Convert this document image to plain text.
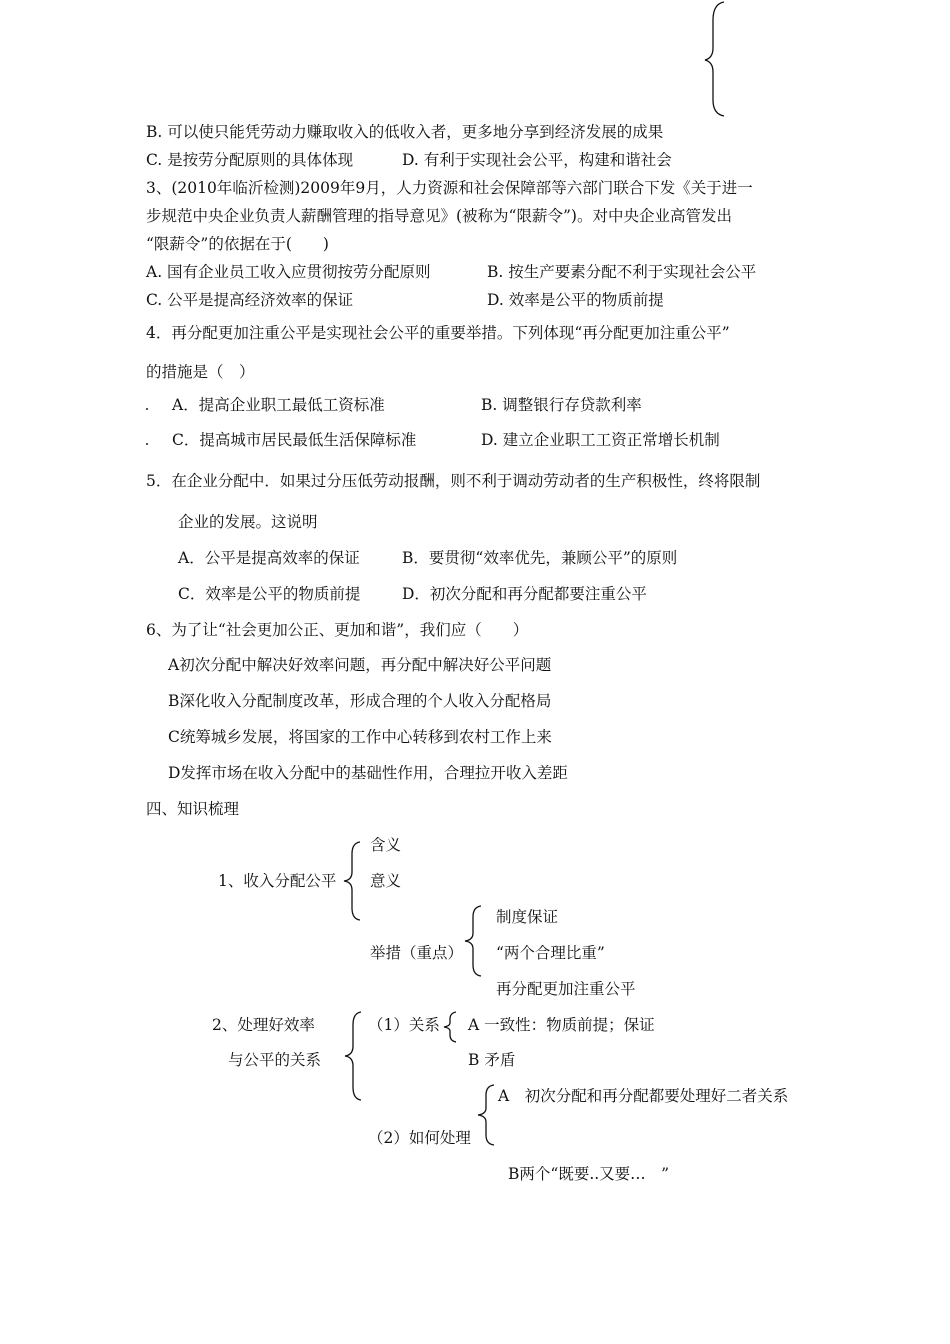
B. 可以使只能凭劳动力赚取收入的低收入者，更多地分享到经济发展的成果
C. 是按劳分配原则的具体体现	D. 有利于实现社会公平，构建和谐社会
3、(2010年临沂检测)2009年9月，人力资源和社会保障部等六部门联合下发《关于进一
步规范中央企业负责人薪酬管理的指导意见》(被称为“限薪令”)。对中央企业高管发出
“限薪令”的依据在于(　　)
A. 国有企业员工收入应贯彻按劳分配原则	B. 按生产要素分配不利于实现社会公平
C. 公平是提高经济效率的保证	D. 效率是公平的物质前提
4．再分配更加注重公平是实现社会公平的重要举措。下列体现“再分配更加注重公平”
的措施是（　）
A．提高企业职工最低工资标准	B. 调整银行存贷款利率
C．提高城市居民最低生活保障标准	D. 建立企业职工工资正常增长机制
5．在企业分配中．如果过分压低劳动报酬，则不利于调动劳动者的生产积极性，终将限制
企业的发展。这说明
A．公平是提高效率的保证	B．要贯彻“效率优先，兼顾公平”的原则
C．效率是公平的物质前提	D．初次分配和再分配都要注重公平
6、为了让“社会更加公正、更加和谐”，我们应（　　）
A初次分配中解决好效率问题，再分配中解决好公平问题
B深化收入分配制度改革，形成合理的个人收入分配格局
C统筹城乡发展，将国家的工作中心转移到农村工作上来
D发挥市场在收入分配中的基础性作用，合理拉开收入差距
四、知识梳理
1、收入分配公平
含义
意义
举措（重点）
制度保证
“两个合理比重”
再分配更加注重公平
2、处理好效率
与公平的关系
（1）关系 A 一致性：物质前提；保证
B 矛盾
（2）如何处理
A　初次分配和再分配都要处理好二者关系
B两个“既要..又要…　”
